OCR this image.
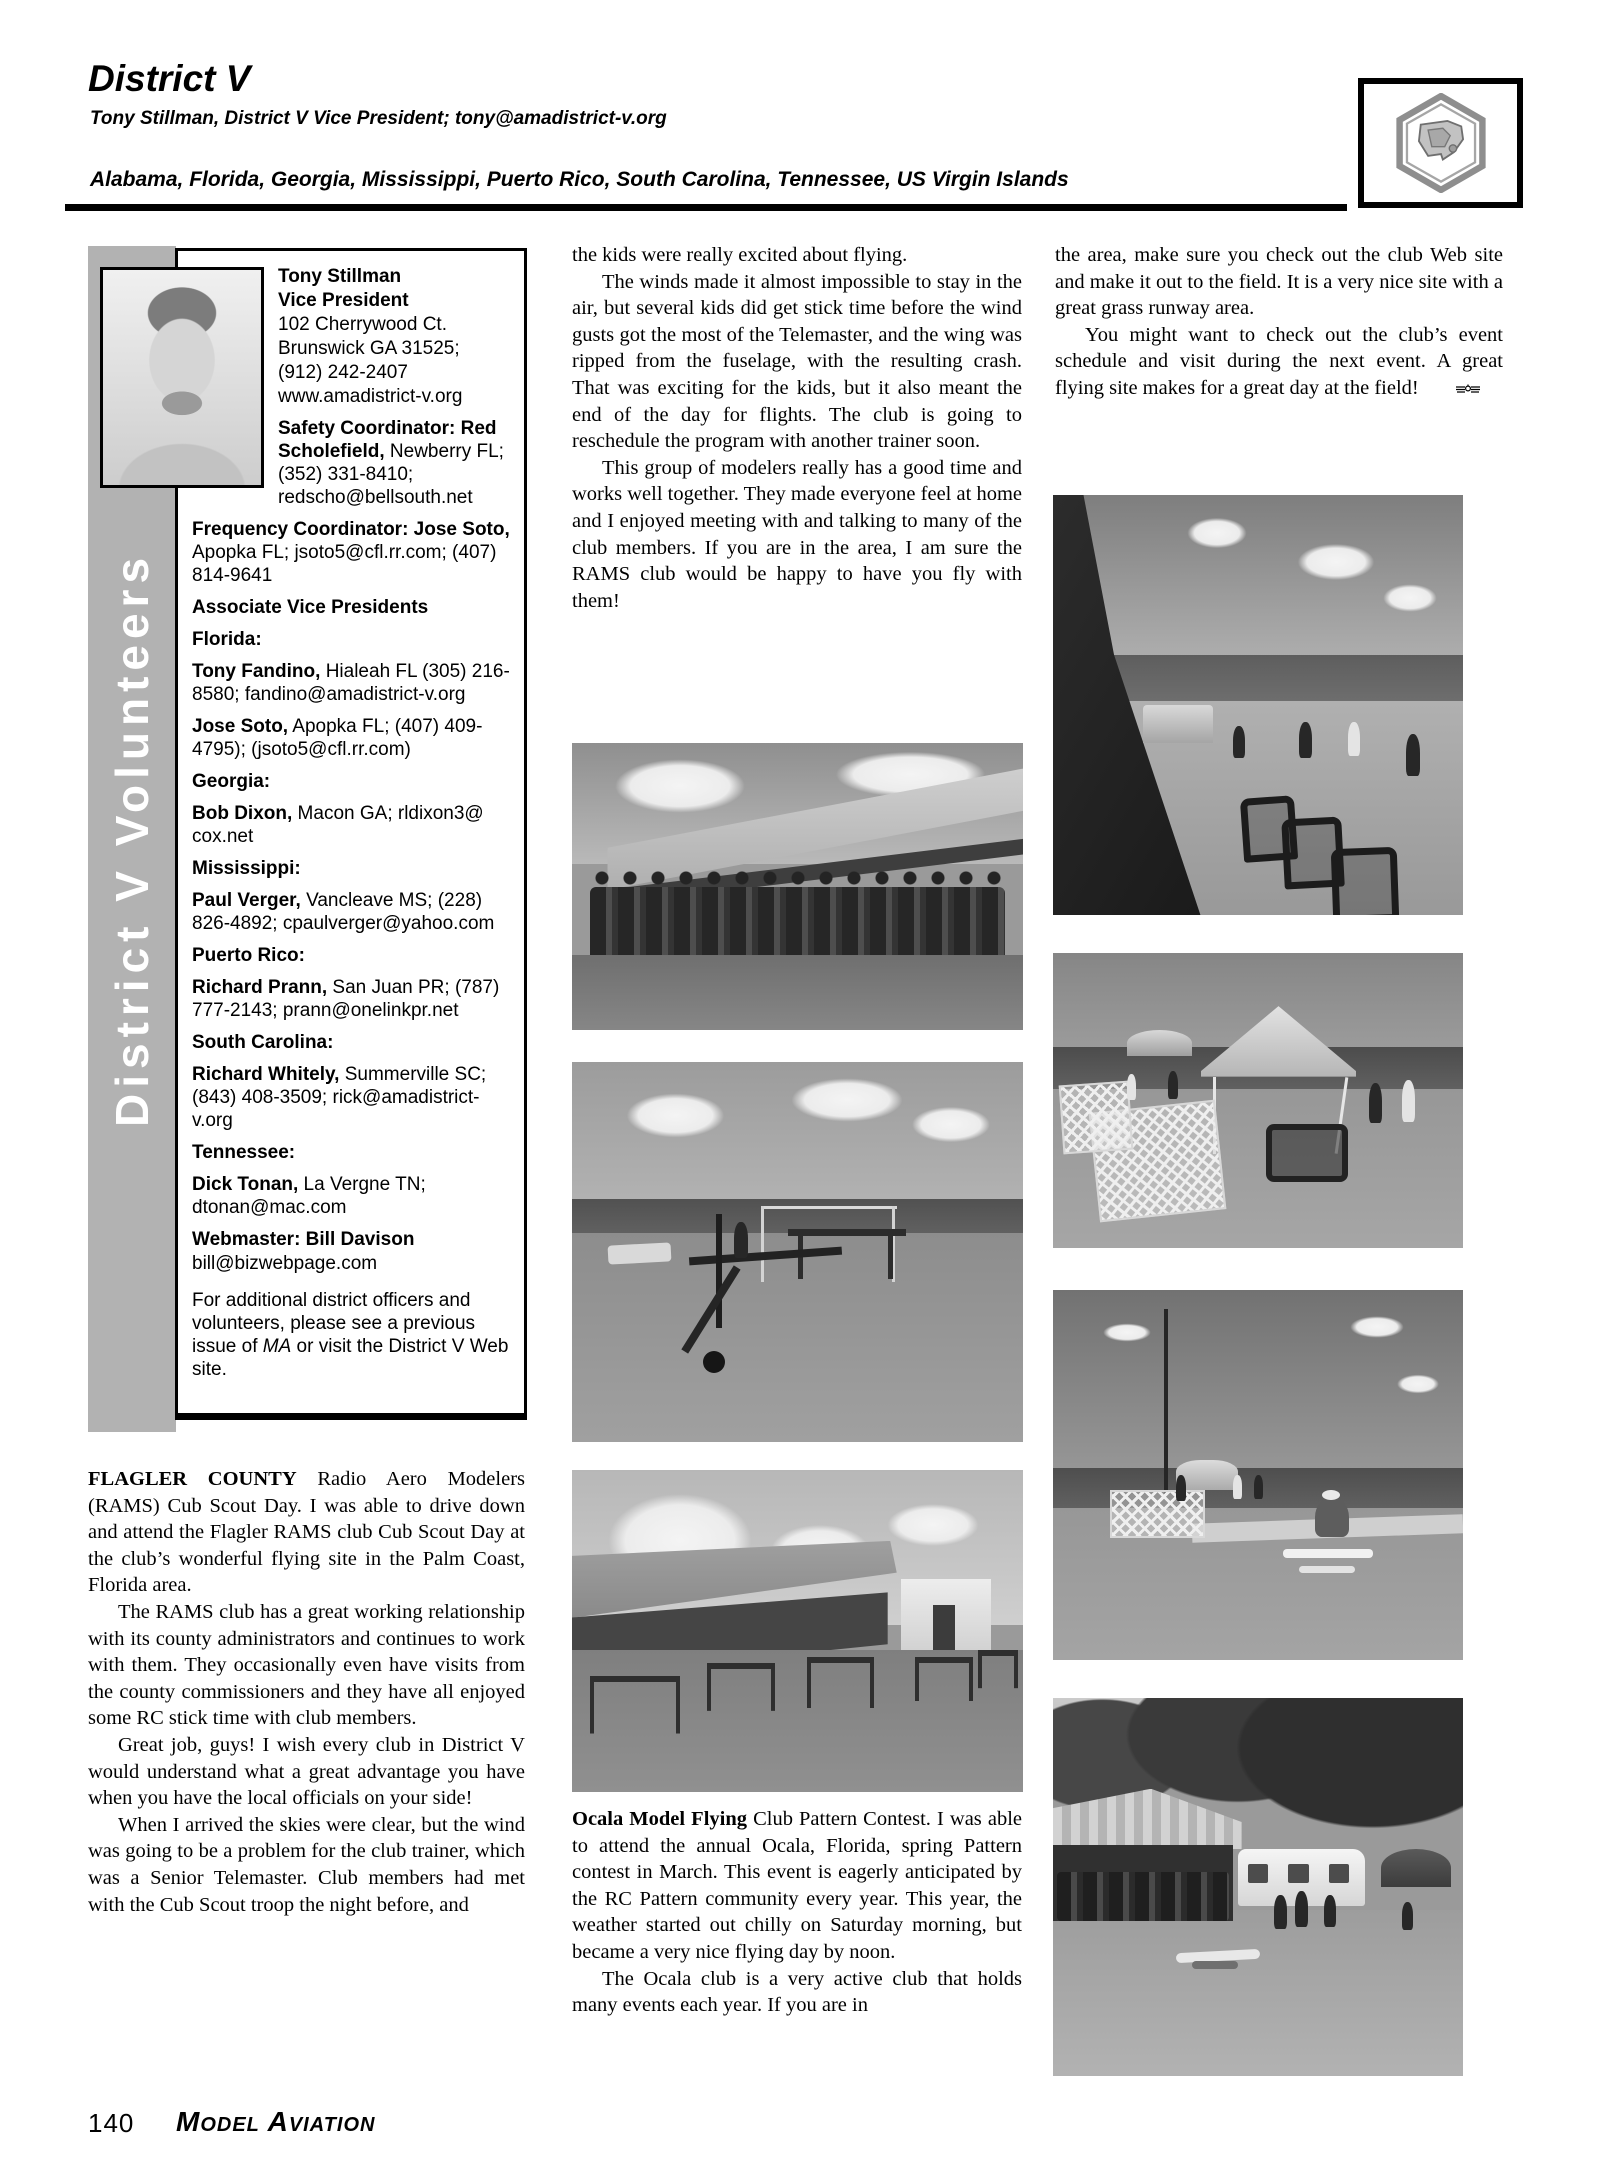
District V
Tony Stillman, District V Vice President; tony@amadistrict-v.org
Alabama, Florida, Georgia, Mississippi, Puerto Rico, South Carolina, Tennessee, US Virgin Islands
District V Volunteers

Tony Stillman

Vice President

102 Cherrywood Ct.

Brunswick GA 31525;

(912) 242-2407

www.amadistrict-v.org

Safety Coordinator: Red Scholefield, Newberry FL; (352) 331-8410; redscho@bellsouth.net

Frequency Coordinator: Jose Soto, Apopka FL; jsoto5@cfl.rr.com; (407) 814-9641

Associate Vice Presidents

Florida:

Tony Fandino, Hialeah FL (305) 216-8580; fandino@amadistrict-v.org

Jose Soto, Apopka FL; (407) 409-4795); (jsoto5@cfl.rr.com)

Georgia:

Bob Dixon, Macon GA; rldixon3@ cox.net

Mississippi:

Paul Verger, Vancleave MS; (228) 826-4892; cpaulverger@yahoo.com

Puerto Rico:

Richard Prann, San Juan PR; (787) 777-2143; prann@onelinkpr.net

South Carolina:

Richard Whitely, Summerville SC; (843) 408-3509; rick@amadistrict-v.org

Tennessee:

Dick Tonan, La Vergne TN; dtonan@mac.com

Webmaster: Bill Davison

bill@bizwebpage.com

For additional district officers and volunteers, please see a previous issue of MA or visit the District V Web site.

FLAGLER COUNTY Radio Aero Modelers (RAMS) Cub Scout Day. I was able to drive down and attend the Flagler RAMS club Cub Scout Day at the club’s wonderful flying site in the Palm Coast, Florida area.

The RAMS club has a great working relationship with its county administrators and continues to work with them. They occasionally even have visits from the county commissioners and they have all enjoyed some RC stick time with club members.

Great job, guys! I wish every club in District V would understand what a great advantage you have when you have the local officials on your side!

When I arrived the skies were clear, but the wind was going to be a problem for the club trainer, which was a Senior Telemaster. Club members had met with the Cub Scout troop the night before, and

the kids were really excited about flying.

The winds made it almost impossible to stay in the air, but several kids did get stick time before the wind gusts got the most of the Telemaster, and the wing was ripped from the fuselage, with the resulting crash. That was exciting for the kids, but it also meant the end of the day for flights. The club is going to reschedule the program with another trainer soon.

This group of modelers really has a good time and works well together. They made everyone feel at home and I enjoyed meeting with and talking to many of the club members. If you are in the area, I am sure the RAMS club would be happy to have you fly with them!

Ocala Model Flying Club Pattern Contest. I was able to attend the annual Ocala, Florida, spring Pattern contest in March. This event is eagerly anticipated by the RC Pattern community every year. This year, the weather started out chilly on Saturday morning, but became a very nice flying day by noon.

The Ocala club is a very active club that holds many events each year. If you are in

the area, make sure you check out the club Web site and make it out to the field. It is a very nice site with a great grass runway area.

You might want to check out the club’s event schedule and visit during the next event. A great flying site makes for a great day at the field!

140 Model Aviation
